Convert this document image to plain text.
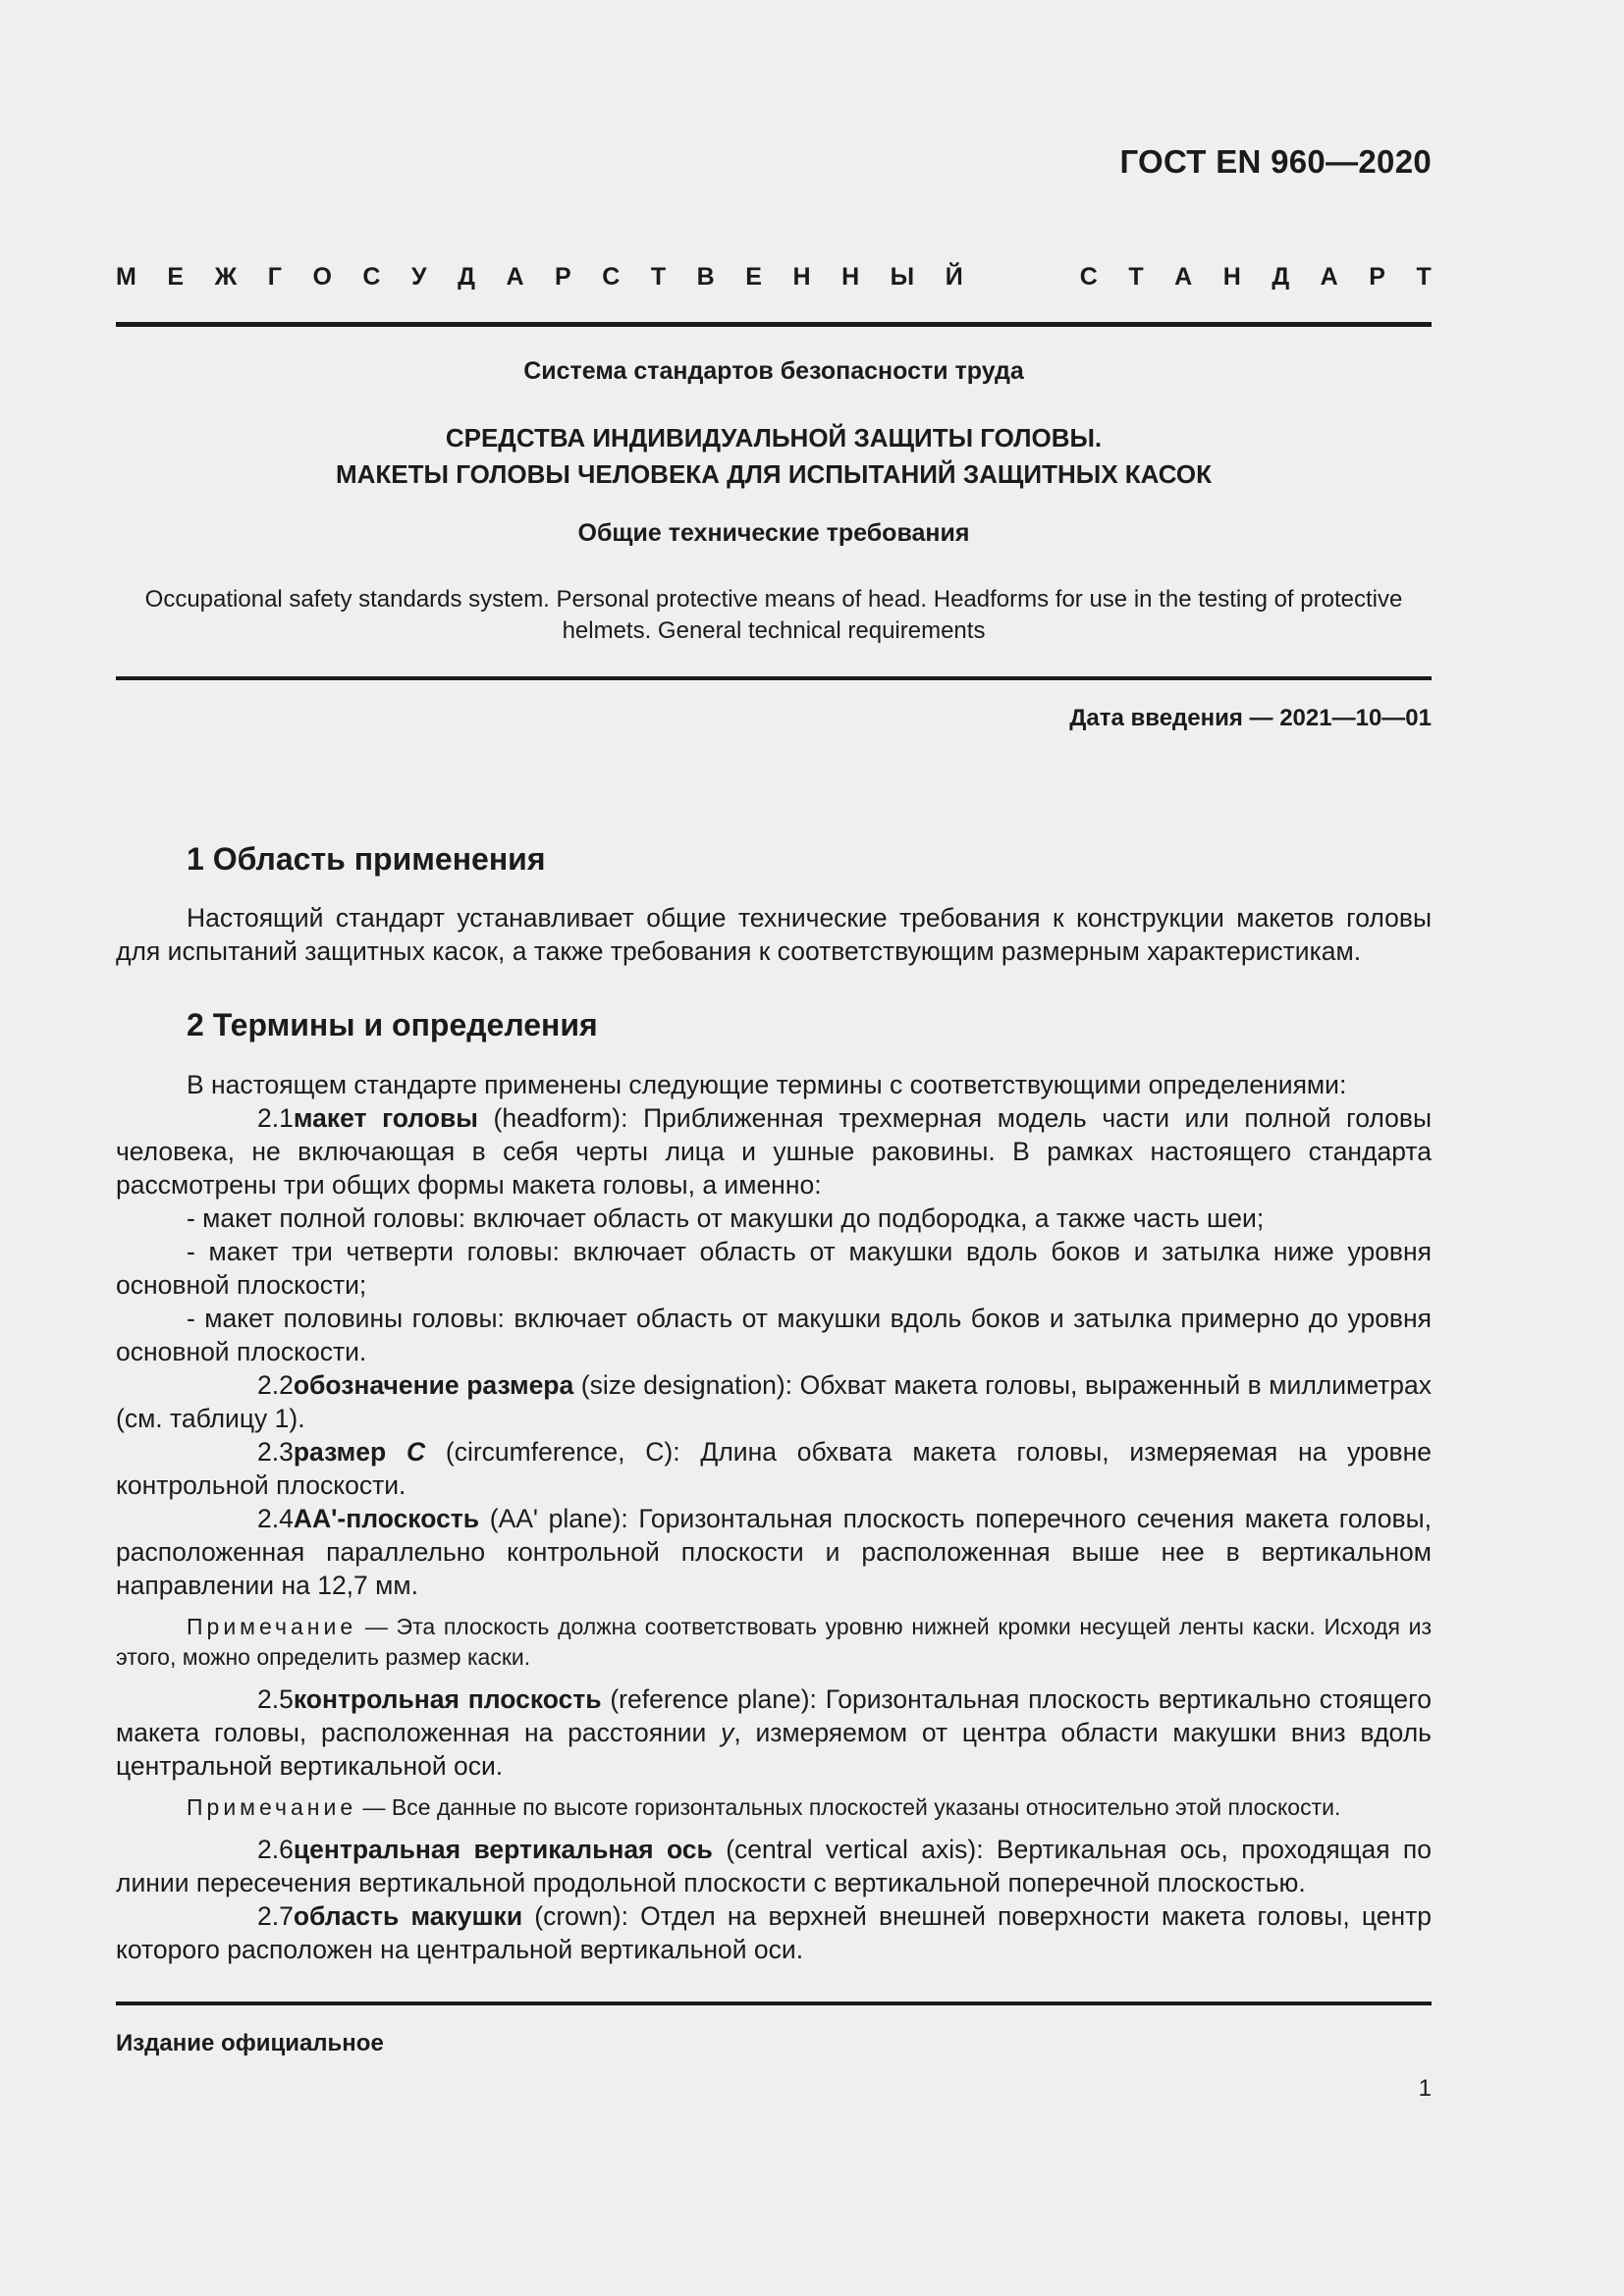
ГОСТ EN 960—2020
М Е Ж Г О С У Д А Р С Т В Е Н Н Ы Й	С Т А Н Д А Р Т
Система стандартов безопасности труда
СРЕДСТВА ИНДИВИДУАЛЬНОЙ ЗАЩИТЫ ГОЛОВЫ.
МАКЕТЫ ГОЛОВЫ ЧЕЛОВЕКА ДЛЯ ИСПЫТАНИЙ ЗАЩИТНЫХ КАСОК
Общие технические требования
Occupational safety standards system. Personal protective means of head. Headforms for use in the testing of protective helmets. General technical requirements
Дата введения — 2021—10—01
1 Область применения

Настоящий стандарт устанавливает общие технические требования к конструкции макетов головы для испытаний защитных касок, а также требования к соответствующим размерным характеристикам.

2 Термины и определения

В настоящем стандарте применены следующие термины с соответствующими определениями:

2.1макет головы (headform): Приближенная трехмерная модель части или полной головы человека, не включающая в себя черты лица и ушные раковины. В рамках настоящего стандарта рассмотрены три общих формы макета головы, а именно:

- макет полной головы: включает область от макушки до подбородка, а также часть шеи;

- макет три четверти головы: включает область от макушки вдоль боков и затылка ниже уровня основной плоскости;

- макет половины головы: включает область от макушки вдоль боков и затылка примерно до уровня основной плоскости.

2.2обозначение размера (size designation): Обхват макета головы, выраженный в миллиметрах (см. таблицу 1).

2.3размер C (circumference, C): Длина обхвата макета головы, измеряемая на уровне контрольной плоскости.

2.4АА'-плоскость (АА' plane): Горизонтальная плоскость поперечного сечения макета головы, расположенная параллельно контрольной плоскости и расположенная выше нее в вертикальном направлении на 12,7 мм.

Примечание — Эта плоскость должна соответствовать уровню нижней кромки несущей ленты каски. Исходя из этого, можно определить размер каски.

2.5контрольная плоскость (reference plane): Горизонтальная плоскость вертикально стоящего макета головы, расположенная на расстоянии y, измеряемом от центра области макушки вниз вдоль центральной вертикальной оси.

Примечание — Все данные по высоте горизонтальных плоскостей указаны относительно этой плоскости.

2.6центральная вертикальная ось (central vertical axis): Вертикальная ось, проходящая по линии пересечения вертикальной продольной плоскости с вертикальной поперечной плоскостью.

2.7область макушки (crown): Отдел на верхней внешней поверхности макета головы, центр которого расположен на центральной вертикальной оси.

Издание официальное
1
